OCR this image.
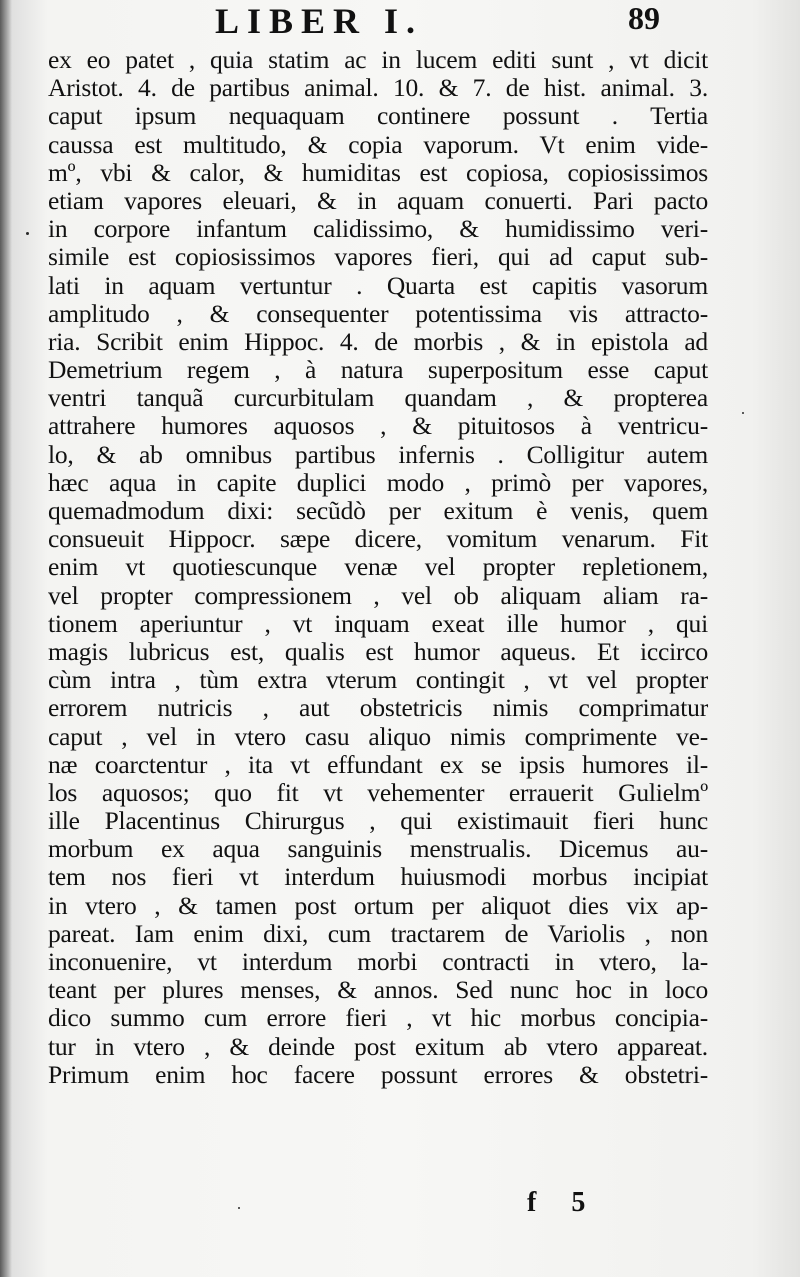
LIBER I.	89
ex eo patet , quia statim ac in lucem editi sunt , vt dicit
Aristot. 4. de partibus animal. 10. & 7. de hist. animal. 3.
caput ipsum nequaquam continere possunt . Tertia
caussa est multitudo, & copia vaporum. Vt enim vide-
mº, vbi & calor, & humiditas est copiosa, copiosissimos
etiam vapores eleuari, & in aquam conuerti. Pari pacto
in corpore infantum calidissimo, & humidissimo veri-
simile est copiosissimos vapores fieri, qui ad caput sub-
lati in aquam vertuntur . Quarta est capitis vasorum
amplitudo , & consequenter potentissima vis attracto-
ria. Scribit enim Hippoc. 4. de morbis , & in epistola ad
Demetrium regem , à natura superpositum esse caput
ventri tanquã curcurbitulam quandam , & propterea
attrahere humores aquosos , & pituitosos à ventricu-
lo, & ab omnibus partibus infernis . Colligitur autem
hæc aqua in capite duplici modo , primò per vapores,
quemadmodum dixi: secũdò per exitum è venis, quem
consueuit Hippocr. sæpe dicere, vomitum venarum. Fit
enim vt quotiescunque venæ vel propter repletionem,
vel propter compressionem , vel ob aliquam aliam ra-
tionem aperiuntur , vt inquam exeat ille humor , qui
magis lubricus est, qualis est humor aqueus. Et iccirco
cùm intra , tùm extra vterum contingit , vt vel propter
errorem nutricis , aut obstetricis nimis comprimatur
caput , vel in vtero casu aliquo nimis comprimente ve-
næ coarctentur , ita vt effundant ex se ipsis humores il-
los aquosos; quo fit vt vehementer errauerit Gulielmº
ille Placentinus Chirurgus , qui existimauit fieri hunc
morbum ex aqua sanguinis menstrualis. Dicemus au-
tem nos fieri vt interdum huiusmodi morbus incipiat
in vtero , & tamen post ortum per aliquot dies vix ap-
pareat. Iam enim dixi, cum tractarem de Variolis , non
inconuenire, vt interdum morbi contracti in vtero, la-
teant per plures menses, & annos. Sed nunc hoc in loco
dico summo cum errore fieri , vt hic morbus concipia-
tur in vtero , & deinde post exitum ab vtero appareat.
Primum enim hoc facere possunt errores & obstetri-
f 5
